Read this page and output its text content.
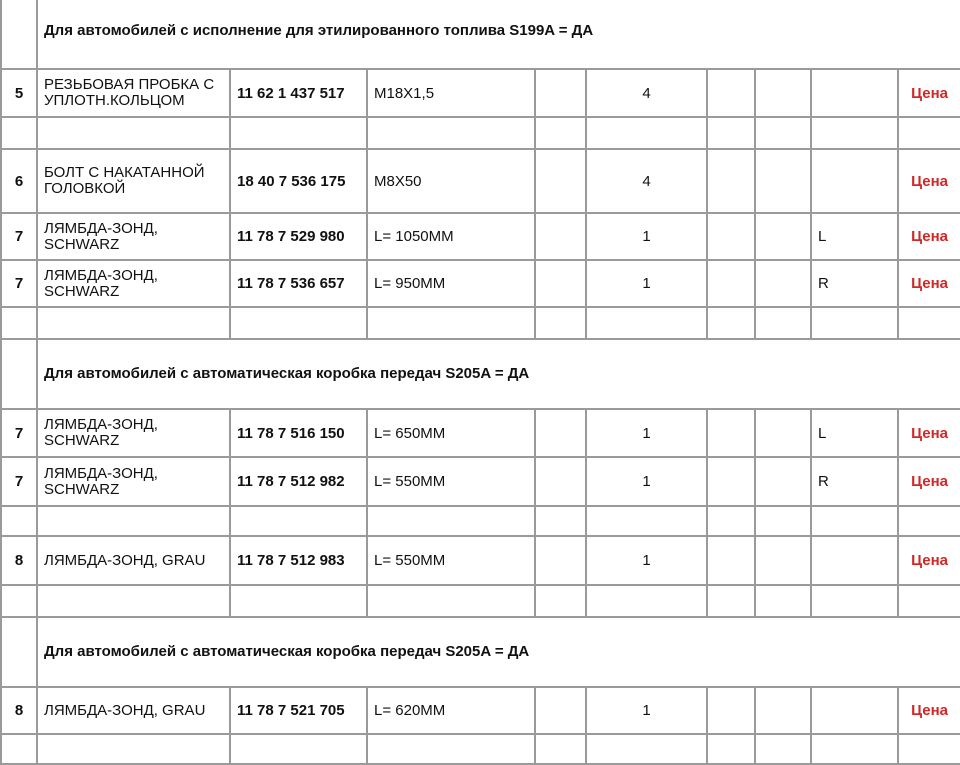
	Для автомобилей с исполнение для этилированного топлива S199A = ДА								
5	РЕЗЬБОВАЯ ПРОБКА С УПЛОТН.КОЛЬЦОМ	11 62 1 437 517	M18X1,5		4				Цена

6	БОЛТ С НАКАТАННОЙ ГОЛОВКОЙ	18 40 7 536 175	M8X50		4				Цена
7	ЛЯМБДА-ЗОНД, SCHWARZ	11 78 7 529 980	L= 1050MM		1			L	Цена
7	ЛЯМБДА-ЗОНД, SCHWARZ	11 78 7 536 657	L= 950MM		1			R	Цена

	Для автомобилей с автоматическая коробка передач S205A = ДА								
7	ЛЯМБДА-ЗОНД, SCHWARZ	11 78 7 516 150	L= 650MM		1			L	Цена
7	ЛЯМБДА-ЗОНД, SCHWARZ	11 78 7 512 982	L= 550MM		1			R	Цена

8	ЛЯМБДА-ЗОНД, GRAU	11 78 7 512 983	L= 550MM		1				Цена

	Для автомобилей с автоматическая коробка передач S205A = ДА								
8	ЛЯМБДА-ЗОНД, GRAU	11 78 7 521 705	L= 620MM		1				Цена
